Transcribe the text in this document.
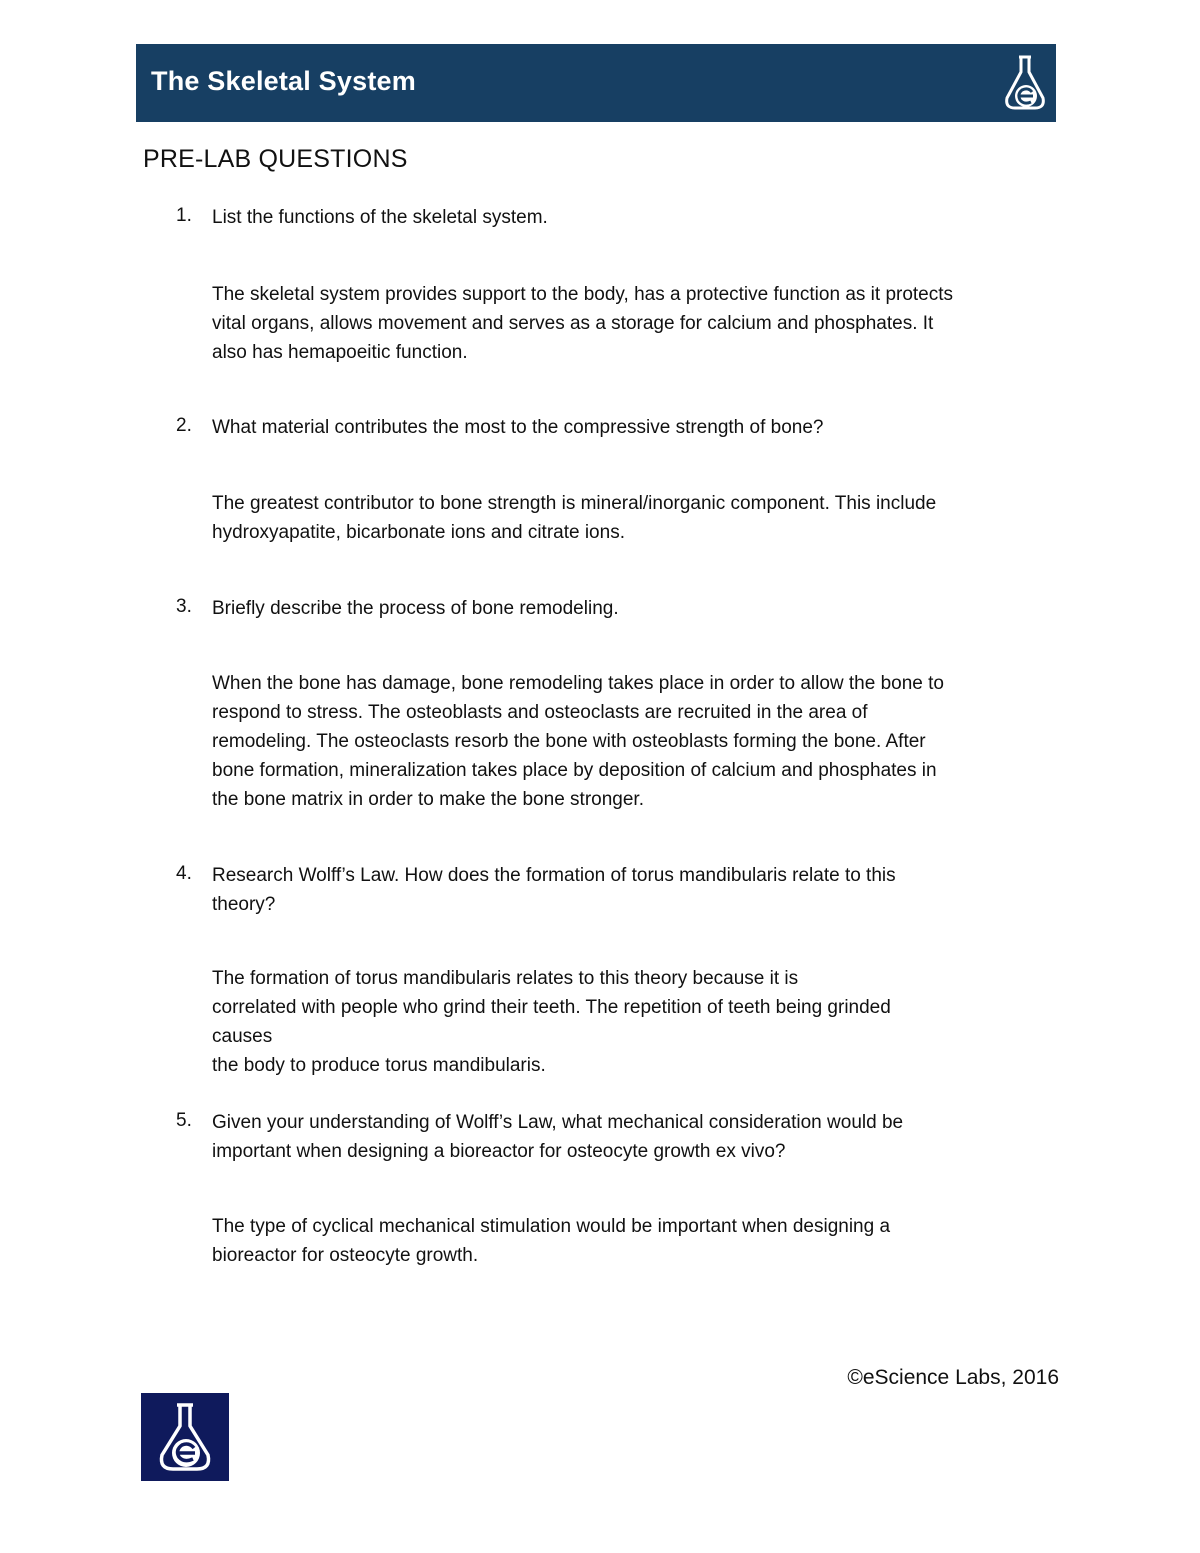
The Skeletal System
PRE-LAB QUESTIONS
1. List the functions of the skeletal system.
The skeletal system provides support to the body, has a protective function as it protects
vital organs, allows movement and serves as a storage for calcium and phosphates. It
also has hemapoeitic function.
2. What material contributes the most to the compressive strength of bone?
The greatest contributor to bone strength is mineral/inorganic component. This include
hydroxyapatite, bicarbonate ions and citrate ions.
3. Briefly describe the process of bone remodeling.
When the bone has damage, bone remodeling takes place in order to allow the bone to
respond to stress. The osteoblasts and osteoclasts are recruited in the area of
remodeling. The osteoclasts resorb the bone with osteoblasts forming the bone. After
bone formation, mineralization takes place by deposition of calcium and phosphates in
the bone matrix in order to make the bone stronger.
4. Research Wolff’s Law. How does the formation of torus mandibularis relate to this
theory?
The formation of torus mandibularis relates to this theory because it is
correlated with people who grind their teeth. The repetition of teeth being grinded
causes
the body to produce torus mandibularis.
5. Given your understanding of Wolff’s Law, what mechanical consideration would be
important when designing a bioreactor for osteocyte growth ex vivo?
The type of cyclical mechanical stimulation would be important when designing a
bioreactor for osteocyte growth.
©eScience Labs, 2016
